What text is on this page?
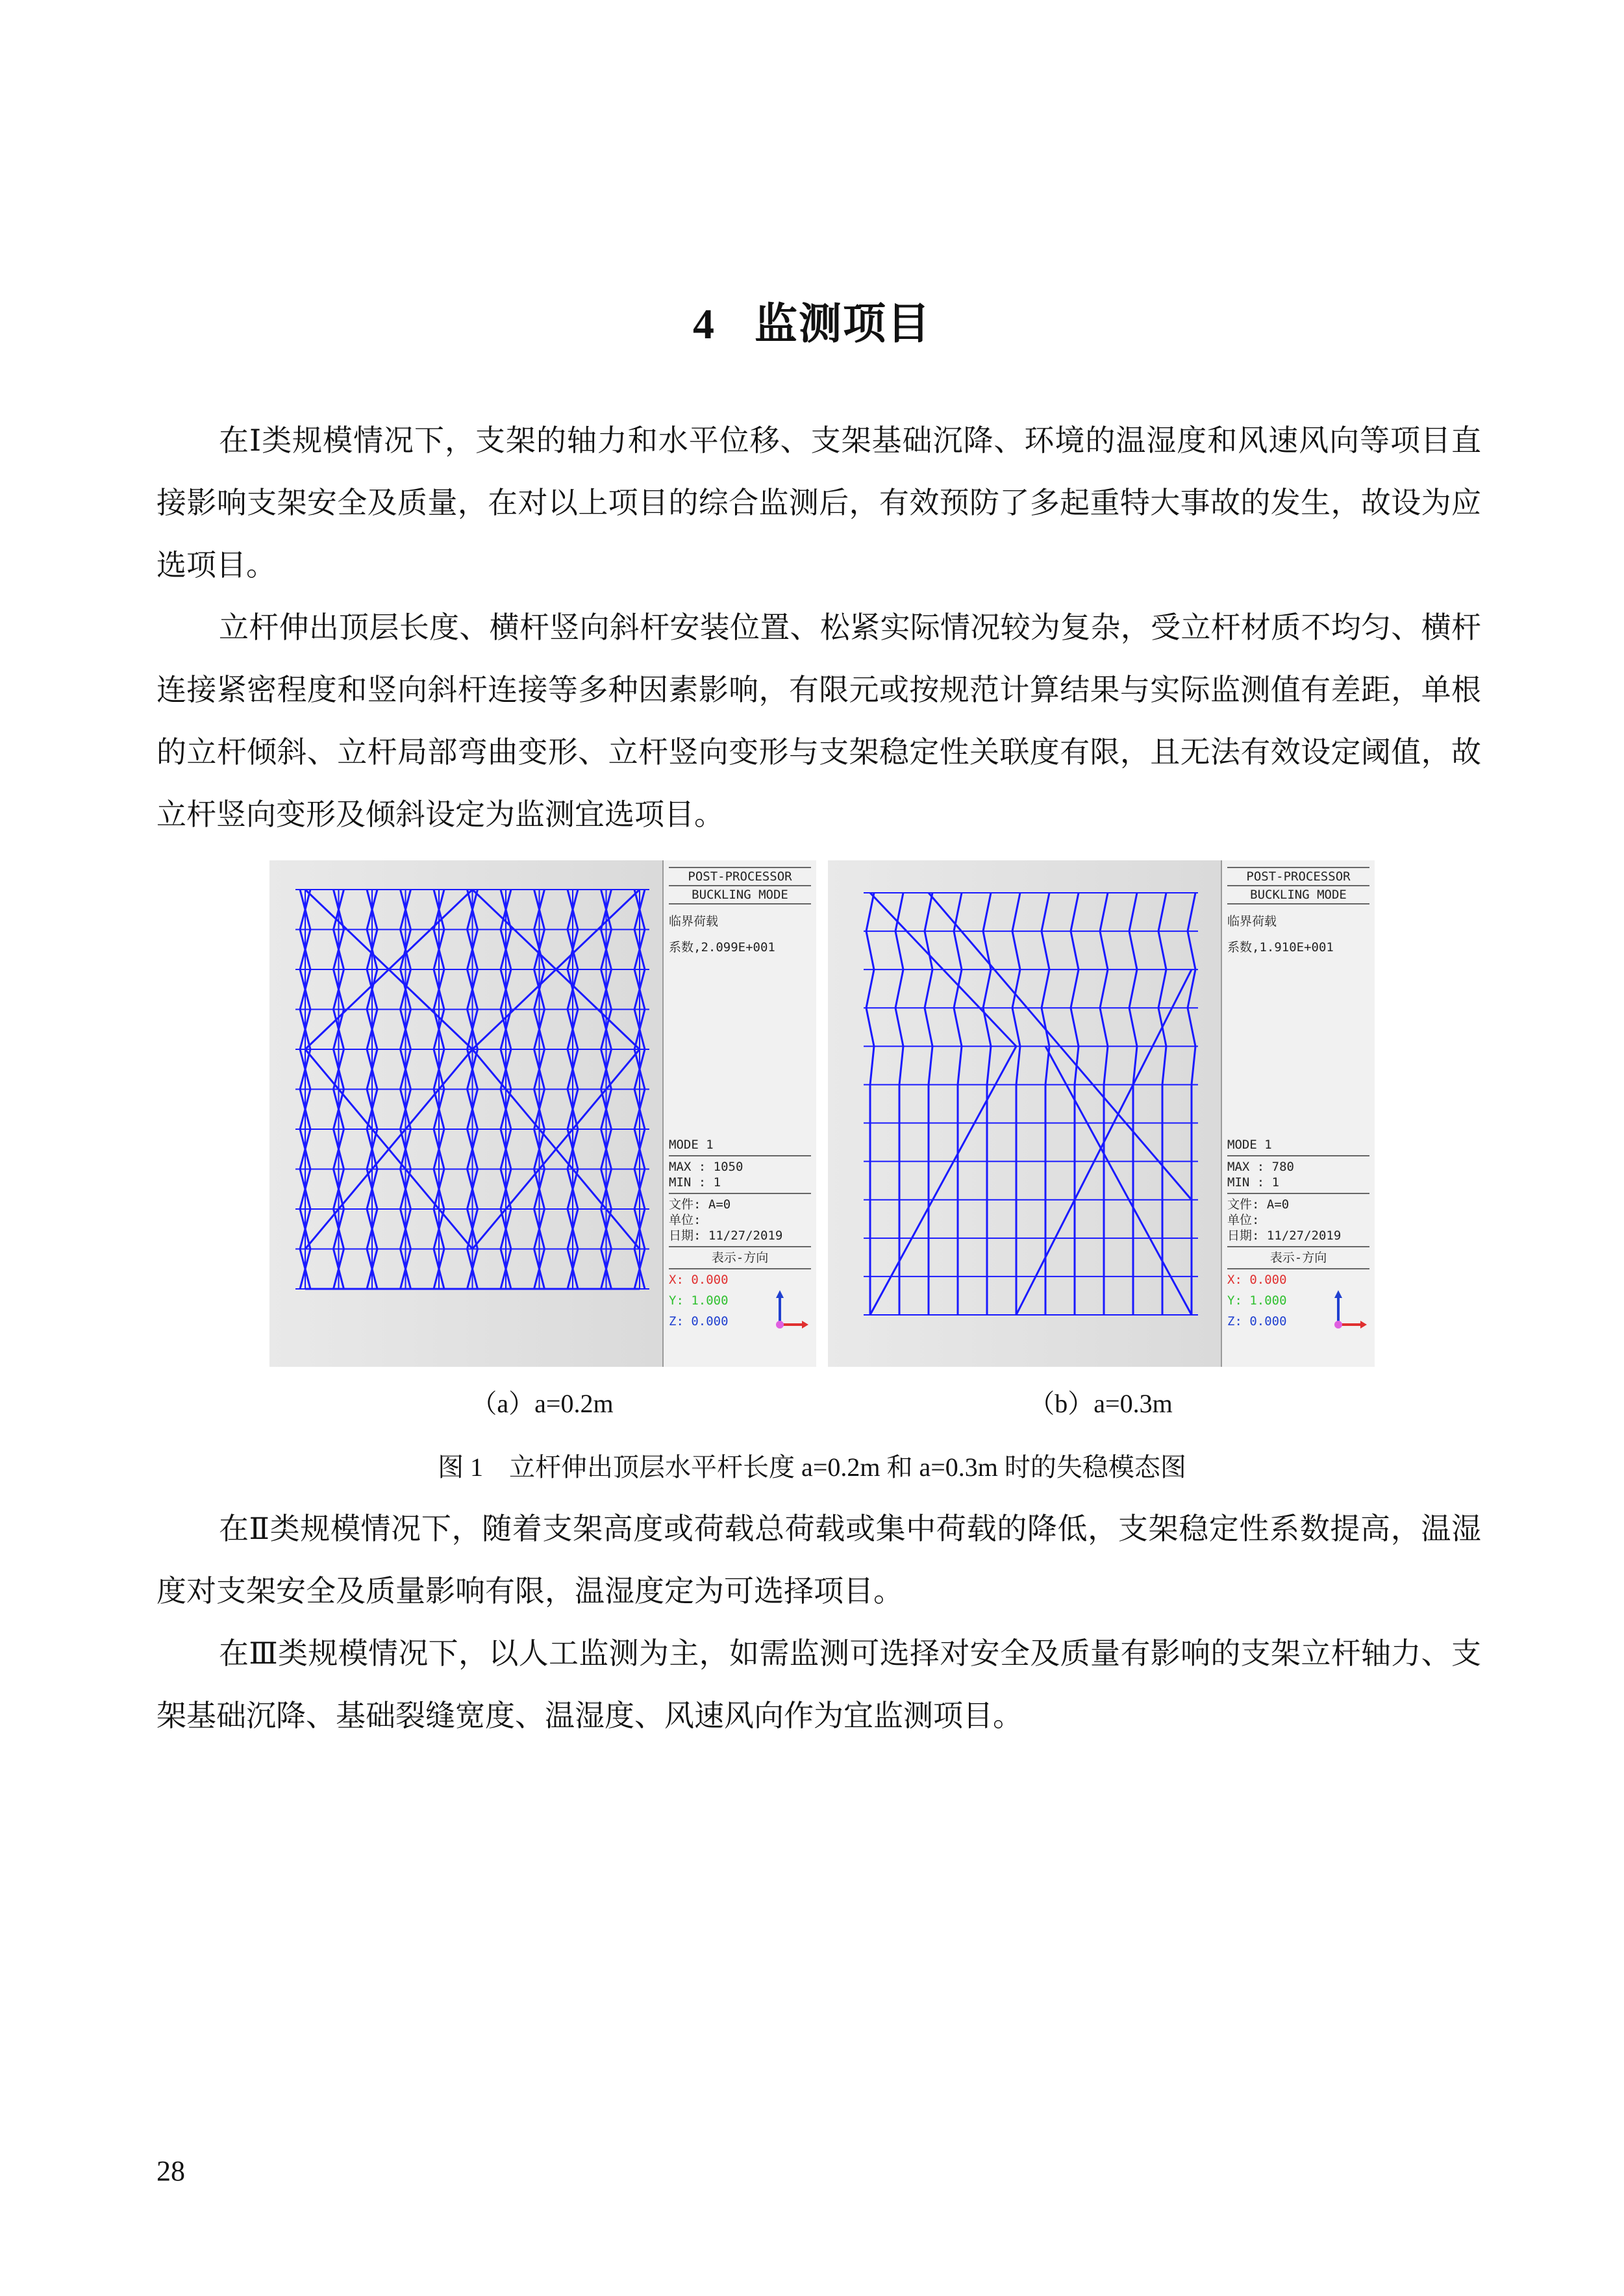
4 监测项目

在Ⅰ类规模情况下，支架的轴力和水平位移、支架基础沉降、环境的温湿度和风速风向等项目直接影响支架安全及质量，在对以上项目的综合监测后，有效预防了多起重特大事故的发生，故设为应选项目。

立杆伸出顶层长度、横杆竖向斜杆安装位置、松紧实际情况较为复杂，受立杆材质不均匀、横杆连接紧密程度和竖向斜杆连接等多种因素影响，有限元或按规范计算结果与实际监测值有差距，单根的立杆倾斜、立杆局部弯曲变形、立杆竖向变形与支架稳定性关联度有限，且无法有效设定阈值，故立杆竖向变形及倾斜设定为监测宜选项目。

POST-PROCESSOR
BUCKLING MODE
临界荷载
系数,2.099E+001
MODE 1
MAX : 1050
MIN : 1
文件: A=0
单位:
日期: 11/27/2019
表示-方向
X: 0.000
Y: 1.000
Z: 0.000
POST-PROCESSOR
BUCKLING MODE
临界荷载
系数,1.910E+001
MODE 1
MAX : 780
MIN : 1
文件: A=0
单位:
日期: 11/27/2019
表示-方向
X: 0.000
Y: 1.000
Z: 0.000
（a）a=0.2m	（b）a=0.3m
图 1　立杆伸出顶层水平杆长度 a=0.2m 和 a=0.3m 时的失稳模态图

在Ⅱ类规模情况下，随着支架高度或荷载总荷载或集中荷载的降低，支架稳定性系数提高，温湿度对支架安全及质量影响有限，温湿度定为可选择项目。

在Ⅲ类规模情况下，以人工监测为主，如需监测可选择对安全及质量有影响的支架立杆轴力、支架基础沉降、基础裂缝宽度、温湿度、风速风向作为宜监测项目。

28
